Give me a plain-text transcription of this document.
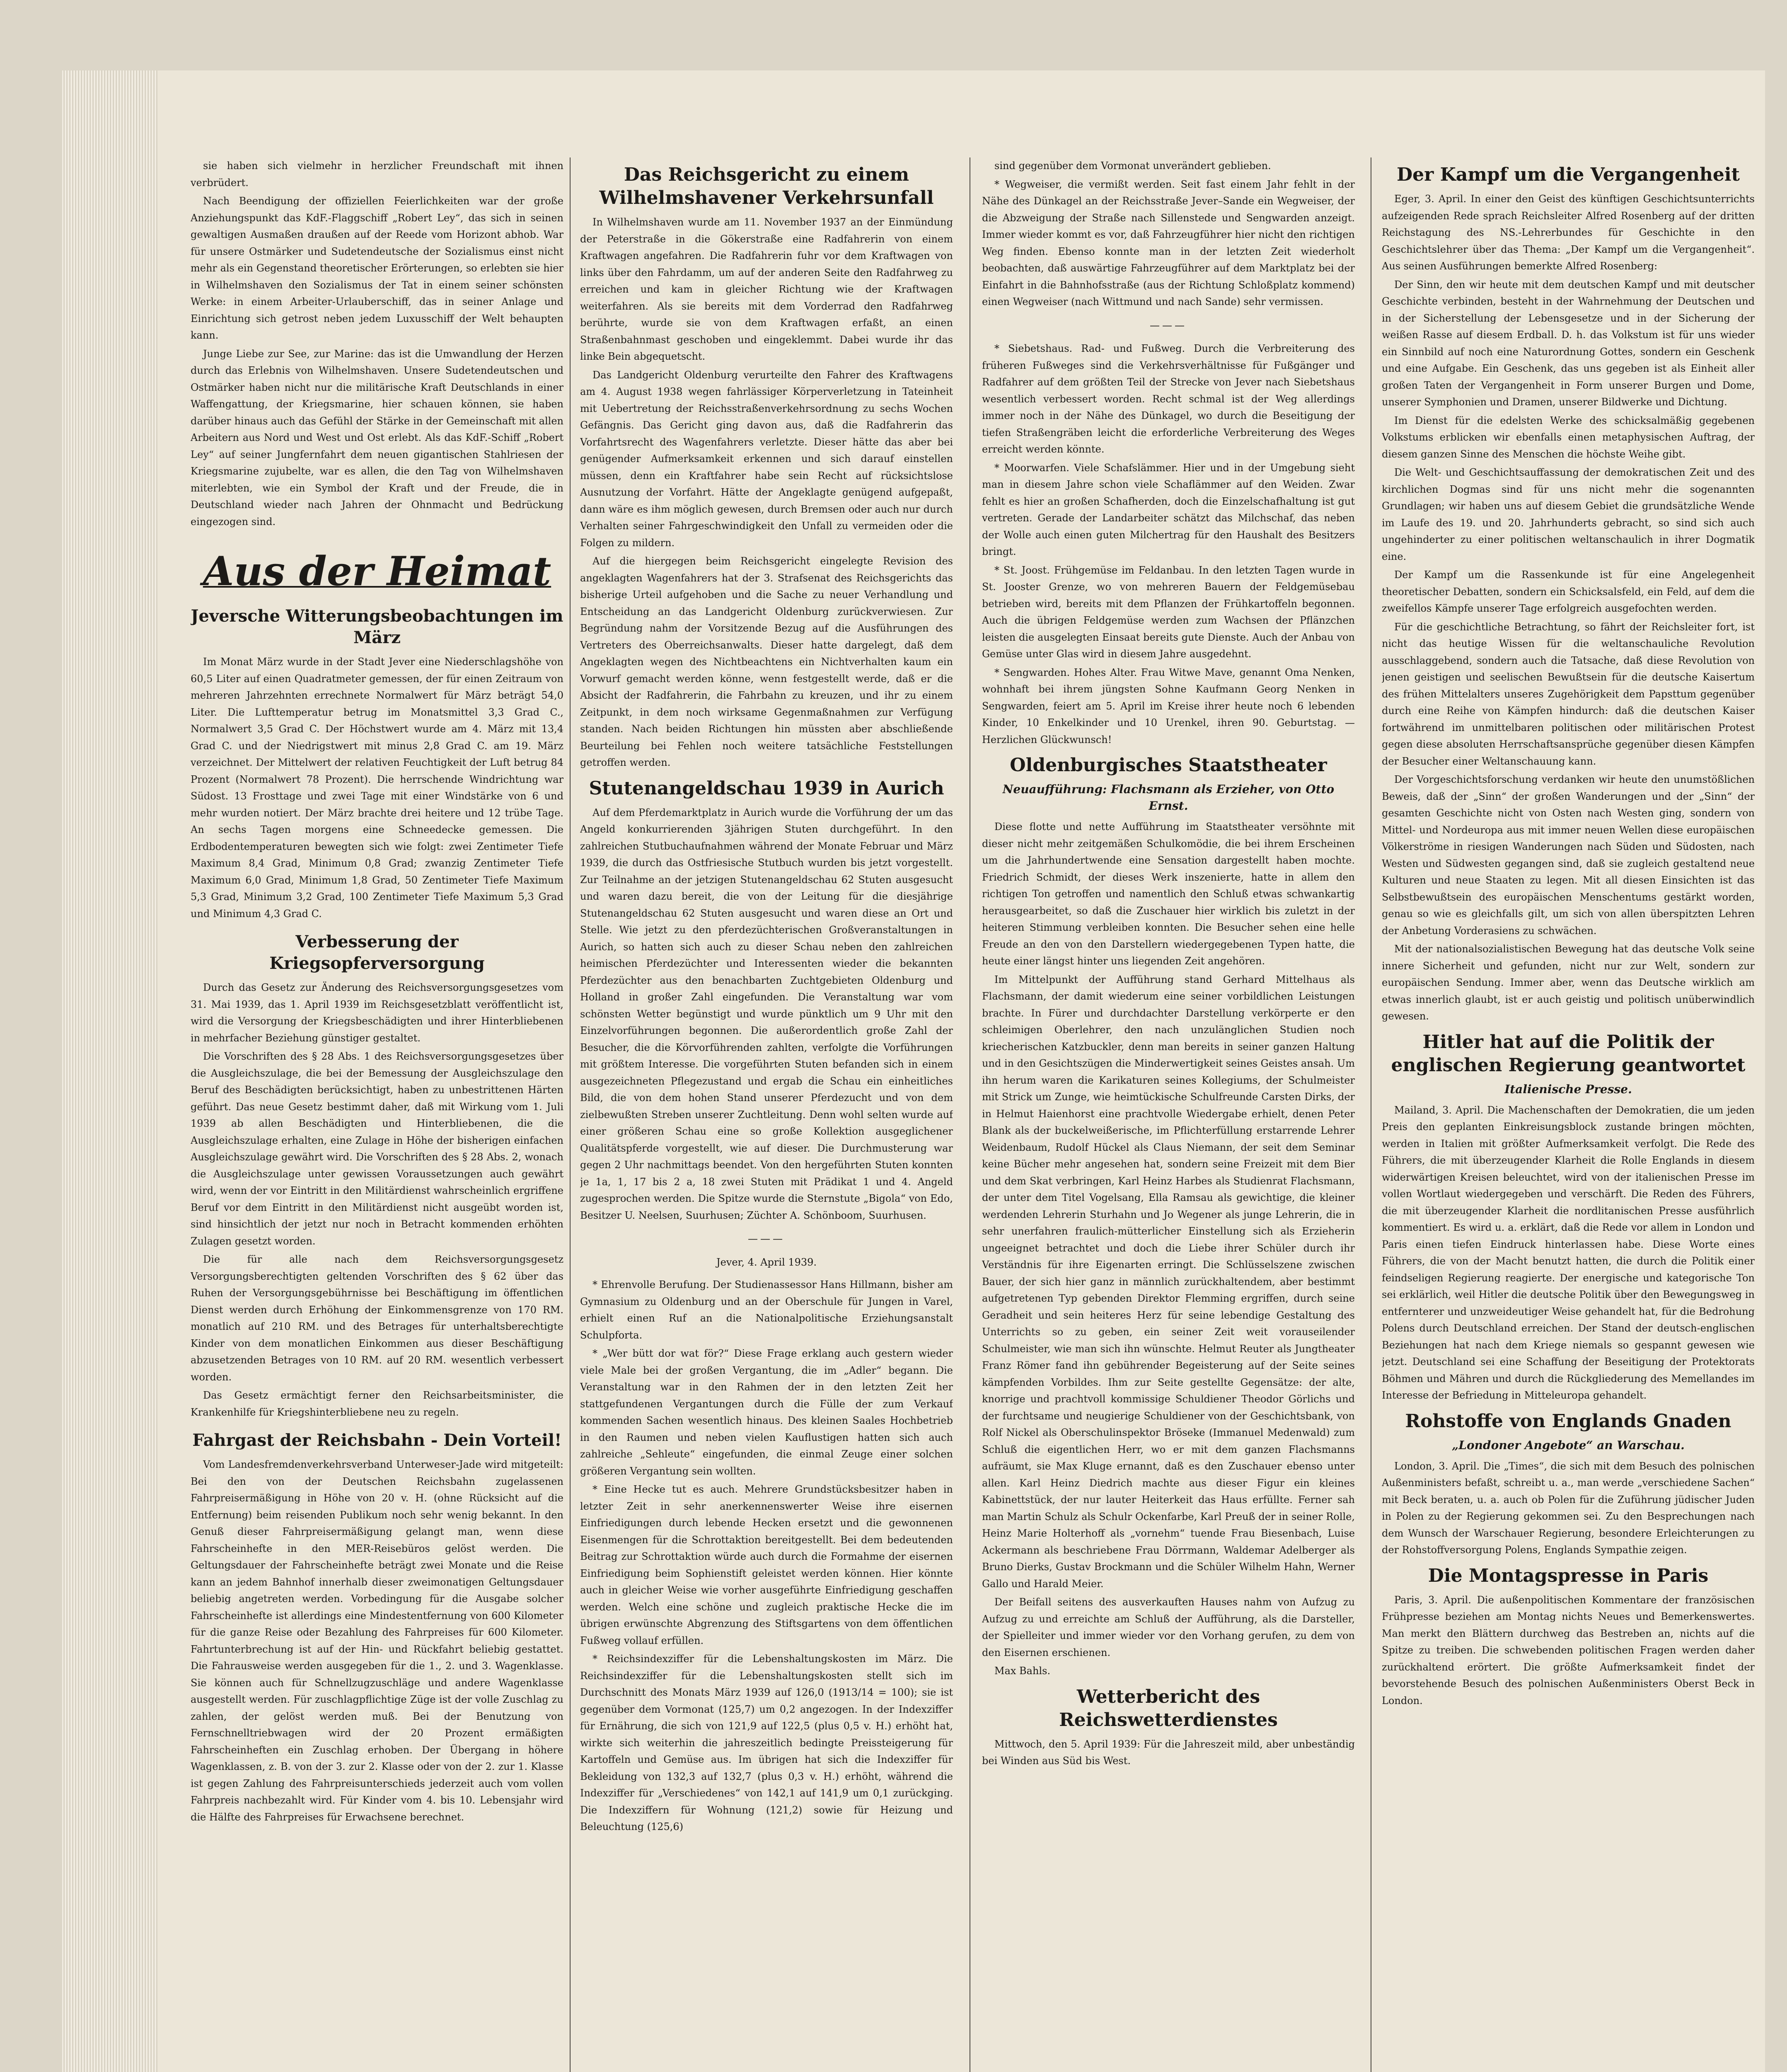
sie haben sich vielmehr in herzlicher Freundschaft mit ihnen verbrüdert.

Nach Beendigung der offiziellen Feierlichkeiten war der große Anziehungspunkt das KdF.-Flaggschiff „Robert Ley“, das sich in seinen gewaltigen Ausmaßen draußen auf der Reede vom Horizont abhob. War für unsere Ostmärker und Sudetendeutsche der Sozialismus einst nicht mehr als ein Gegenstand theoretischer Erörterungen, so erlebten sie hier in Wilhelmshaven den Sozialismus der Tat in einem seiner schönsten Werke: in einem Arbeiter-Urlauberschiff, das in seiner Anlage und Einrichtung sich getrost neben jedem Luxusschiff der Welt behaupten kann.

Junge Liebe zur See, zur Marine: das ist die Umwandlung der Herzen durch das Erlebnis von Wilhelmshaven. Unsere Sudetendeutschen und Ostmärker haben nicht nur die militärische Kraft Deutschlands in einer Waffengattung, der Kriegsmarine, hier schauen können, sie haben darüber hinaus auch das Gefühl der Stärke in der Gemeinschaft mit allen Arbeitern aus Nord und West und Ost erlebt. Als das KdF.-Schiff „Robert Ley“ auf seiner Jungfernfahrt dem neuen gigantischen Stahlriesen der Kriegsmarine zujubelte, war es allen, die den Tag von Wilhelmshaven miterlebten, wie ein Symbol der Kraft und der Freude, die in Deutschland wieder nach Jahren der Ohnmacht und Bedrückung eingezogen sind.

Aus der Heimat
Jeversche Witterungsbeobachtungen im März

Im Monat März wurde in der Stadt Jever eine Niederschlagshöhe von 60,5 Liter auf einen Quadratmeter gemessen, der für einen Zeitraum von mehreren Jahrzehnten errechnete Normalwert für März beträgt 54,0 Liter. Die Lufttemperatur betrug im Monatsmittel 3,3 Grad C., Normalwert 3,5 Grad C. Der Höchstwert wurde am 4. März mit 13,4 Grad C. und der Niedrigstwert mit minus 2,8 Grad C. am 19. März verzeichnet. Der Mittelwert der relativen Feuchtigkeit der Luft betrug 84 Prozent (Normalwert 78 Prozent). Die herrschende Windrichtung war Südost. 13 Frosttage und zwei Tage mit einer Windstärke von 6 und mehr wurden notiert. Der März brachte drei heitere und 12 trübe Tage. An sechs Tagen morgens eine Schneedecke gemessen. Die Erdbodentemperaturen bewegten sich wie folgt: zwei Zentimeter Tiefe Maximum 8,4 Grad, Minimum 0,8 Grad; zwanzig Zentimeter Tiefe Maximum 6,0 Grad, Minimum 1,8 Grad, 50 Zentimeter Tiefe Maximum 5,3 Grad, Minimum 3,2 Grad, 100 Zentimeter Tiefe Maximum 5,3 Grad und Minimum 4,3 Grad C.

Verbesserung der Kriegsopferversorgung

Durch das Gesetz zur Änderung des Reichsversorgungsgesetzes vom 31. Mai 1939, das 1. April 1939 im Reichsgesetzblatt veröffentlicht ist, wird die Versorgung der Kriegsbeschädigten und ihrer Hinterbliebenen in mehrfacher Beziehung günstiger gestaltet.

Die Vorschriften des § 28 Abs. 1 des Reichsversorgungsgesetzes über die Ausgleichszulage, die bei der Bemessung der Ausgleichszulage den Beruf des Beschädigten berücksichtigt, haben zu unbestrittenen Härten geführt. Das neue Gesetz bestimmt daher, daß mit Wirkung vom 1. Juli 1939 ab allen Beschädigten und Hinterbliebenen, die die Ausgleichszulage erhalten, eine Zulage in Höhe der bisherigen einfachen Ausgleichszulage gewährt wird. Die Vorschriften des § 28 Abs. 2, wonach die Ausgleichszulage unter gewissen Voraussetzungen auch gewährt wird, wenn der vor Eintritt in den Militärdienst wahrscheinlich ergriffene Beruf vor dem Eintritt in den Militärdienst nicht ausgeübt worden ist, sind hinsichtlich der jetzt nur noch in Betracht kommenden erhöhten Zulagen gesetzt worden.

Die für alle nach dem Reichsversorgungsgesetz Versorgungsberechtigten geltenden Vorschriften des § 62 über das Ruhen der Versorgungsgebührnisse bei Beschäftigung im öffentlichen Dienst werden durch Erhöhung der Einkommensgrenze von 170 RM. monatlich auf 210 RM. und des Betrages für unterhaltsberechtigte Kinder von dem monatlichen Einkommen aus dieser Beschäftigung abzusetzenden Betrages von 10 RM. auf 20 RM. wesentlich verbessert worden.

Das Gesetz ermächtigt ferner den Reichsarbeitsminister, die Krankenhilfe für Kriegshinterbliebene neu zu regeln.

Fahrgast der Reichsbahn - Dein Vorteil!

Vom Landesfremdenverkehrsverband Unterweser-Jade wird mitgeteilt: Bei den von der Deutschen Reichsbahn zugelassenen Fahrpreisermäßigung in Höhe von 20 v. H. (ohne Rücksicht auf die Entfernung) beim reisenden Publikum noch sehr wenig bekannt. In den Genuß dieser Fahrpreisermäßigung gelangt man, wenn diese Fahrscheinhefte in den MER-Reisebüros gelöst werden. Die Geltungsdauer der Fahrscheinhefte beträgt zwei Monate und die Reise kann an jedem Bahnhof innerhalb dieser zweimonatigen Geltungsdauer beliebig angetreten werden. Vorbedingung für die Ausgabe solcher Fahrscheinhefte ist allerdings eine Mindestentfernung von 600 Kilometer für die ganze Reise oder Bezahlung des Fahrpreises für 600 Kilometer. Fahrtunterbrechung ist auf der Hin- und Rückfahrt beliebig gestattet. Die Fahrausweise werden ausgegeben für die 1., 2. und 3. Wagenklasse. Sie können auch für Schnellzugzuschläge und andere Wagenklasse ausgestellt werden. Für zuschlagpflichtige Züge ist der volle Zuschlag zu zahlen, der gelöst werden muß. Bei der Benutzung von Fernschnelltriebwagen wird der 20 Prozent ermäßigten Fahrscheinheften ein Zuschlag erhoben. Der Übergang in höhere Wagenklassen, z. B. von der 3. zur 2. Klasse oder von der 2. zur 1. Klasse ist gegen Zahlung des Fahrpreisunterschieds jederzeit auch vom vollen Fahrpreis nachbezahlt wird. Für Kinder vom 4. bis 10. Lebensjahr wird die Hälfte des Fahrpreises für Erwachsene berechnet.

Das Reichsgericht zu einem Wilhelmshavener Verkehrsunfall

In Wilhelmshaven wurde am 11. November 1937 an der Einmündung der Peterstraße in die Gökerstraße eine Radfahrerin von einem Kraftwagen angefahren. Die Radfahrerin fuhr vor dem Kraftwagen von links über den Fahrdamm, um auf der anderen Seite den Radfahrweg zu erreichen und kam in gleicher Richtung wie der Kraftwagen weiterfahren. Als sie bereits mit dem Vorderrad den Radfahrweg berührte, wurde sie von dem Kraftwagen erfaßt, an einen Straßenbahnmast geschoben und eingeklemmt. Dabei wurde ihr das linke Bein abgequetscht.

Das Landgericht Oldenburg verurteilte den Fahrer des Kraftwagens am 4. August 1938 wegen fahrlässiger Körperverletzung in Tateinheit mit Uebertretung der Reichsstraßenverkehrsordnung zu sechs Wochen Gefängnis. Das Gericht ging davon aus, daß die Radfahrerin das Vorfahrtsrecht des Wagenfahrers verletzte. Dieser hätte das aber bei genügender Aufmerksamkeit erkennen und sich darauf einstellen müssen, denn ein Kraftfahrer habe sein Recht auf rücksichtslose Ausnutzung der Vorfahrt. Hätte der Angeklagte genügend aufgepaßt, dann wäre es ihm möglich gewesen, durch Bremsen oder auch nur durch Verhalten seiner Fahrgeschwindigkeit den Unfall zu vermeiden oder die Folgen zu mildern.

Auf die hiergegen beim Reichsgericht eingelegte Revision des angeklagten Wagenfahrers hat der 3. Strafsenat des Reichsgerichts das bisherige Urteil aufgehoben und die Sache zu neuer Verhandlung und Entscheidung an das Landgericht Oldenburg zurückverwiesen. Zur Begründung nahm der Vorsitzende Bezug auf die Ausführungen des Vertreters des Oberreichsanwalts. Dieser hatte dargelegt, daß dem Angeklagten wegen des Nichtbeachtens ein Nichtverhalten kaum ein Vorwurf gemacht werden könne, wenn festgestellt werde, daß er die Absicht der Radfahrerin, die Fahrbahn zu kreuzen, und ihr zu einem Zeitpunkt, in dem noch wirksame Gegenmaßnahmen zur Verfügung standen. Nach beiden Richtungen hin müssten aber abschließende Beurteilung bei Fehlen noch weitere tatsächliche Feststellungen getroffen werden.

Stutenangeldschau 1939 in Aurich

Auf dem Pferdemarktplatz in Aurich wurde die Vorführung der um das Angeld konkurrierenden 3jährigen Stuten durchgeführt. In den zahlreichen Stutbuchaufnahmen während der Monate Februar und März 1939, die durch das Ostfriesische Stutbuch wurden bis jetzt vorgestellt. Zur Teilnahme an der jetzigen Stutenangeldschau 62 Stuten ausgesucht und waren dazu bereit, die von der Leitung für die diesjährige Stutenangeldschau 62 Stuten ausgesucht und waren diese an Ort und Stelle. Wie jetzt zu den pferdezüchterischen Großveranstaltungen in Aurich, so hatten sich auch zu dieser Schau neben den zahlreichen heimischen Pferdezüchter und Interessenten wieder die bekannten Pferdezüchter aus den benachbarten Zuchtgebieten Oldenburg und Holland in großer Zahl eingefunden. Die Veranstaltung war vom schönsten Wetter begünstigt und wurde pünktlich um 9 Uhr mit den Einzelvorführungen begonnen. Die außerordentlich große Zahl der Besucher, die die Körvorführenden zahlten, verfolgte die Vorführungen mit größtem Interesse. Die vorgeführten Stuten befanden sich in einem ausgezeichneten Pflegezustand und ergab die Schau ein einheitliches Bild, die von dem hohen Stand unserer Pferdezucht und von dem zielbewußten Streben unserer Zuchtleitung. Denn wohl selten wurde auf einer größeren Schau eine so große Kollektion ausgeglichener Qualitätspferde vorgestellt, wie auf dieser. Die Durchmusterung war gegen 2 Uhr nachmittags beendet. Von den hergeführten Stuten konnten je 1a, 1, 17 bis 2 a, 18 zwei Stuten mit Prädikat 1 und 4. Angeld zugesprochen werden. Die Spitze wurde die Sternstute „Bigola“ von Edo, Besitzer U. Neelsen, Suurhusen; Züchter A. Schönboom, Suurhusen.

———
Jever, 4. April 1939.

* Ehrenvolle Berufung. Der Studienassessor Hans Hillmann, bisher am Gymnasium zu Oldenburg und an der Oberschule für Jungen in Varel, erhielt einen Ruf an die Nationalpolitische Erziehungsanstalt Schulpforta.

* „Wer bütt dor wat för?“ Diese Frage erklang auch gestern wieder viele Male bei der großen Vergantung, die im „Adler“ begann. Die Veranstaltung war in den Rahmen der in den letzten Zeit her stattgefundenen Vergantungen durch die Fülle der zum Verkauf kommenden Sachen wesentlich hinaus. Des kleinen Saales Hochbetrieb in den Raumen und neben vielen Kauflustigen hatten sich auch zahlreiche „Sehleute“ eingefunden, die einmal Zeuge einer solchen größeren Vergantung sein wollten.

* Eine Hecke tut es auch. Mehrere Grundstücksbesitzer haben in letzter Zeit in sehr anerkennenswerter Weise ihre eisernen Einfriedigungen durch lebende Hecken ersetzt und die gewonnenen Eisenmengen für die Schrottaktion bereitgestellt. Bei dem bedeutenden Beitrag zur Schrottaktion würde auch durch die Formahme der eisernen Einfriedigung beim Sophienstift geleistet werden können. Hier könnte auch in gleicher Weise wie vorher ausgeführte Einfriedigung geschaffen werden. Welch eine schöne und zugleich praktische Hecke die im übrigen erwünschte Abgrenzung des Stiftsgartens von dem öffentlichen Fußweg vollauf erfüllen.

* Reichsindexziffer für die Lebenshaltungskosten im März. Die Reichsindexziffer für die Lebenshaltungskosten stellt sich im Durchschnitt des Monats März 1939 auf 126,0 (1913/14 = 100); sie ist gegenüber dem Vormonat (125,7) um 0,2 angezogen. In der Indexziffer für Ernährung, die sich von 121,9 auf 122,5 (plus 0,5 v. H.) erhöht hat, wirkte sich weiterhin die jahreszeitlich bedingte Preissteigerung für Kartoffeln und Gemüse aus. Im übrigen hat sich die Indexziffer für Bekleidung von 132,3 auf 132,7 (plus 0,3 v. H.) erhöht, während die Indexziffer für „Verschiedenes“ von 142,1 auf 141,9 um 0,1 zurückging. Die Indexziffern für Wohnung (121,2) sowie für Heizung und Beleuchtung (125,6)

sind gegenüber dem Vormonat unverändert geblieben.

* Wegweiser, die vermißt werden. Seit fast einem Jahr fehlt in der Nähe des Dünkagel an der Reichsstraße Jever–Sande ein Wegweiser, der die Abzweigung der Straße nach Sillenstede und Sengwarden anzeigt. Immer wieder kommt es vor, daß Fahrzeugführer hier nicht den richtigen Weg finden. Ebenso konnte man in der letzten Zeit wiederholt beobachten, daß auswärtige Fahrzeugführer auf dem Marktplatz bei der Einfahrt in die Bahnhofsstraße (aus der Richtung Schloßplatz kommend) einen Wegweiser (nach Wittmund und nach Sande) sehr vermissen.

———

* Siebetshaus. Rad- und Fußweg. Durch die Verbreiterung des früheren Fußweges sind die Verkehrsverhältnisse für Fußgänger und Radfahrer auf dem größten Teil der Strecke von Jever nach Siebetshaus wesentlich verbessert worden. Recht schmal ist der Weg allerdings immer noch in der Nähe des Dünkagel, wo durch die Beseitigung der tiefen Straßengräben leicht die erforderliche Verbreiterung des Weges erreicht werden könnte.

* Moorwarfen. Viele Schafslämmer. Hier und in der Umgebung sieht man in diesem Jahre schon viele Schaflämmer auf den Weiden. Zwar fehlt es hier an großen Schafherden, doch die Einzelschafhaltung ist gut vertreten. Gerade der Landarbeiter schätzt das Milchschaf, das neben der Wolle auch einen guten Milchertrag für den Haushalt des Besitzers bringt.

* St. Joost. Frühgemüse im Feldanbau. In den letzten Tagen wurde in St. Jooster Grenze, wo von mehreren Bauern der Feldgemüsebau betrieben wird, bereits mit dem Pflanzen der Frühkartoffeln begonnen. Auch die übrigen Feldgemüse werden zum Wachsen der Pflänzchen leisten die ausgelegten Einsaat bereits gute Dienste. Auch der Anbau von Gemüse unter Glas wird in diesem Jahre ausgedehnt.

* Sengwarden. Hohes Alter. Frau Witwe Mave, genannt Oma Nenken, wohnhaft bei ihrem jüngsten Sohne Kaufmann Georg Nenken in Sengwarden, feiert am 5. April im Kreise ihrer heute noch 6 lebenden Kinder, 10 Enkelkinder und 10 Urenkel, ihren 90. Geburtstag. — Herzlichen Glückwunsch!

Oldenburgisches Staatstheater
Neuaufführung: Flachsmann als Erzieher, von Otto Ernst.

Diese flotte und nette Aufführung im Staatstheater versöhnte mit dieser nicht mehr zeitgemäßen Schulkomödie, die bei ihrem Erscheinen um die Jahrhundertwende eine Sensation dargestellt haben mochte. Friedrich Schmidt, der dieses Werk inszenierte, hatte in allem den richtigen Ton getroffen und namentlich den Schluß etwas schwankartig herausgearbeitet, so daß die Zuschauer hier wirklich bis zuletzt in der heiteren Stimmung verbleiben konnten. Die Besucher sehen eine helle Freude an den von den Darstellern wiedergegebenen Typen hatte, die heute einer längst hinter uns liegenden Zeit angehören.

Im Mittelpunkt der Aufführung stand Gerhard Mittelhaus als Flachsmann, der damit wiederum eine seiner vorbildlichen Leistungen brachte. In Fürer und durchdachter Darstellung verkörperte er den schleimigen Oberlehrer, den nach unzulänglichen Studien noch kriecherischen Katzbuckler, denn man bereits in seiner ganzen Haltung und in den Gesichtszügen die Minderwertigkeit seines Geistes ansah. Um ihn herum waren die Karikaturen seines Kollegiums, der Schulmeister mit Strick um Zunge, wie heimtückische Schulfreunde Carsten Dirks, der in Helmut Haienhorst eine prachtvolle Wiedergabe erhielt, denen Peter Blank als der buckelweißerische, im Pflichterfüllung erstarrende Lehrer Weidenbaum, Rudolf Hückel als Claus Niemann, der seit dem Seminar keine Bücher mehr angesehen hat, sondern seine Freizeit mit dem Bier und dem Skat verbringen, Karl Heinz Harbes als Studienrat Flachsmann, der unter dem Titel Vogelsang, Ella Ramsau als gewichtige, die kleiner werdenden Lehrerin Sturhahn und Jo Wegener als junge Lehrerin, die in sehr unerfahren fraulich-mütterlicher Einstellung sich als Erzieherin ungeeignet betrachtet und doch die Liebe ihrer Schüler durch ihr Verständnis für ihre Eigenarten erringt. Die Schlüsselszene zwischen Bauer, der sich hier ganz in männlich zurückhaltendem, aber bestimmt aufgetretenen Typ gebenden Direktor Flemming ergriffen, durch seine Geradheit und sein heiteres Herz für seine lebendige Gestaltung des Unterrichts so zu geben, ein seiner Zeit weit vorauseilender Schulmeister, wie man sich ihn wünschte. Helmut Reuter als Jungtheater Franz Römer fand ihn gebührender Begeisterung auf der Seite seines kämpfenden Vorbildes. Ihm zur Seite gestellte Gegensätze: der alte, knorrige und prachtvoll kommissige Schuldiener Theodor Görlichs und der furchtsame und neugierige Schuldiener von der Geschichtsbank, von Rolf Nickel als Oberschulinspektor Bröseke (Immanuel Medenwald) zum Schluß die eigentlichen Herr, wo er mit dem ganzen Flachsmanns aufräumt, sie Max Kluge ernannt, daß es den Zuschauer ebenso unter allen. Karl Heinz Diedrich machte aus dieser Figur ein kleines Kabinettstück, der nur lauter Heiterkeit das Haus erfüllte. Ferner sah man Martin Schulz als Schulr Ockenfarbe, Karl Preuß der in seiner Rolle, Heinz Marie Holterhoff als „vornehm“ tuende Frau Biesenbach, Luise Ackermann als beschriebene Frau Dörrmann, Waldemar Adelberger als Bruno Dierks, Gustav Brockmann und die Schüler Wilhelm Hahn, Werner Gallo und Harald Meier.

Der Beifall seitens des ausverkauften Hauses nahm von Aufzug zu Aufzug zu und erreichte am Schluß der Aufführung, als die Darsteller, der Spielleiter und immer wieder vor den Vorhang gerufen, zu dem von den Eisernen erschienen.

Max Bahls.

Wetterbericht des Reichswetterdienstes

Mittwoch, den 5. April 1939: Für die Jahreszeit mild, aber unbeständig bei Winden aus Süd bis West.

Der Kampf um die Vergangenheit

Eger, 3. April. In einer den Geist des künftigen Geschichtsunterrichts aufzeigenden Rede sprach Reichsleiter Alfred Rosenberg auf der dritten Reichstagung des NS.-Lehrerbundes für Geschichte in den Geschichtslehrer über das Thema: „Der Kampf um die Vergangenheit“. Aus seinen Ausführungen bemerkte Alfred Rosenberg:

Der Sinn, den wir heute mit dem deutschen Kampf und mit deutscher Geschichte verbinden, besteht in der Wahrnehmung der Deutschen und in der Sicherstellung der Lebensgesetze und in der Sicherung der weißen Rasse auf diesem Erdball. D. h. das Volkstum ist für uns wieder ein Sinnbild auf noch eine Naturordnung Gottes, sondern ein Geschenk und eine Aufgabe. Ein Geschenk, das uns gegeben ist als Einheit aller großen Taten der Vergangenheit in Form unserer Burgen und Dome, unserer Symphonien und Dramen, unserer Bildwerke und Dichtung.

Im Dienst für die edelsten Werke des schicksalmäßig gegebenen Volkstums erblicken wir ebenfalls einen metaphysischen Auftrag, der diesem ganzen Sinne des Menschen die höchste Weihe gibt.

Die Welt- und Geschichtsauffassung der demokratischen Zeit und des kirchlichen Dogmas sind für uns nicht mehr die sogenannten Grundlagen; wir haben uns auf diesem Gebiet die grundsätzliche Wende im Laufe des 19. und 20. Jahrhunderts gebracht, so sind sich auch ungehinderter zu einer politischen weltanschaulich in ihrer Dogmatik eine.

Der Kampf um die Rassenkunde ist für eine Angelegenheit theoretischer Debatten, sondern ein Schicksalsfeld, ein Feld, auf dem die zweifellos Kämpfe unserer Tage erfolgreich ausgefochten werden.

Für die geschichtliche Betrachtung, so fährt der Reichsleiter fort, ist nicht das heutige Wissen für die weltanschauliche Revolution ausschlaggebend, sondern auch die Tatsache, daß diese Revolution von jenen geistigen und seelischen Bewußtsein für die deutsche Kaisertum des frühen Mittelalters unseres Zugehörigkeit dem Papsttum gegenüber durch eine Reihe von Kämpfen hindurch: daß die deutschen Kaiser fortwährend im unmittelbaren politischen oder militärischen Protest gegen diese absoluten Herrschaftsansprüche gegenüber diesen Kämpfen der Besucher einer Weltanschauung kann.

Der Vorgeschichtsforschung verdanken wir heute den unumstößlichen Beweis, daß der „Sinn“ der großen Wanderungen und der „Sinn“ der gesamten Geschichte nicht von Osten nach Westen ging, sondern von Mittel- und Nordeuropa aus mit immer neuen Wellen diese europäischen Völkerströme in riesigen Wanderungen nach Süden und Südosten, nach Westen und Südwesten gegangen sind, daß sie zugleich gestaltend neue Kulturen und neue Staaten zu legen. Mit all diesen Einsichten ist das Selbstbewußtsein des europäischen Menschentums gestärkt worden, genau so wie es gleichfalls gilt, um sich von allen überspitzten Lehren der Anbetung Vorderasiens zu schwächen.

Mit der nationalsozialistischen Bewegung hat das deutsche Volk seine innere Sicherheit und gefunden, nicht nur zur Welt, sondern zur europäischen Sendung. Immer aber, wenn das Deutsche wirklich am etwas innerlich glaubt, ist er auch geistig und politisch unüberwindlich gewesen.

Hitler hat auf die Politik der englischen Regierung geantwortet
Italienische Presse.

Mailand, 3. April. Die Machenschaften der Demokratien, die um jeden Preis den geplanten Einkreisungsblock zustande bringen möchten, werden in Italien mit größter Aufmerksamkeit verfolgt. Die Rede des Führers, die mit überzeugender Klarheit die Rolle Englands in diesem widerwärtigen Kreisen beleuchtet, wird von der italienischen Presse im vollen Wortlaut wiedergegeben und verschärft. Die Reden des Führers, die mit überzeugender Klarheit die nordlitanischen Presse ausführlich kommentiert. Es wird u. a. erklärt, daß die Rede vor allem in London und Paris einen tiefen Eindruck hinterlassen habe. Diese Worte eines Führers, die von der Macht benutzt hatten, die durch die Politik einer feindseligen Regierung reagierte. Der energische und kategorische Ton sei erklärlich, weil Hitler die deutsche Politik über den Bewegungsweg in entfernterer und unzweideutiger Weise gehandelt hat, für die Bedrohung Polens durch Deutschland erreichen. Der Stand der deutsch-englischen Beziehungen hat nach dem Kriege niemals so gespannt gewesen wie jetzt. Deutschland sei eine Schaffung der Beseitigung der Protektorats Böhmen und Mähren und durch die Rückgliederung des Memellandes im Interesse der Befriedung in Mitteleuropa gehandelt.

Rohstoffe von Englands Gnaden
„Londoner Angebote“ an Warschau.

London, 3. April. Die „Times“, die sich mit dem Besuch des polnischen Außenministers befaßt, schreibt u. a., man werde „verschiedene Sachen“ mit Beck beraten, u. a. auch ob Polen für die Zuführung jüdischer Juden in Polen zu der Regierung gekommen sei. Zu den Besprechungen nach dem Wunsch der Warschauer Regierung, besondere Erleichterungen zu der Rohstoffversorgung Polens, Englands Sympathie zeigen.

Die Montagspresse in Paris

Paris, 3. April. Die außenpolitischen Kommentare der französischen Frühpresse beziehen am Montag nichts Neues und Bemerkenswertes. Man merkt den Blättern durchweg das Bestreben an, nichts auf die Spitze zu treiben. Die schwebenden politischen Fragen werden daher zurückhaltend erörtert. Die größte Aufmerksamkeit findet der bevorstehende Besuch des polnischen Außenministers Oberst Beck in London.
